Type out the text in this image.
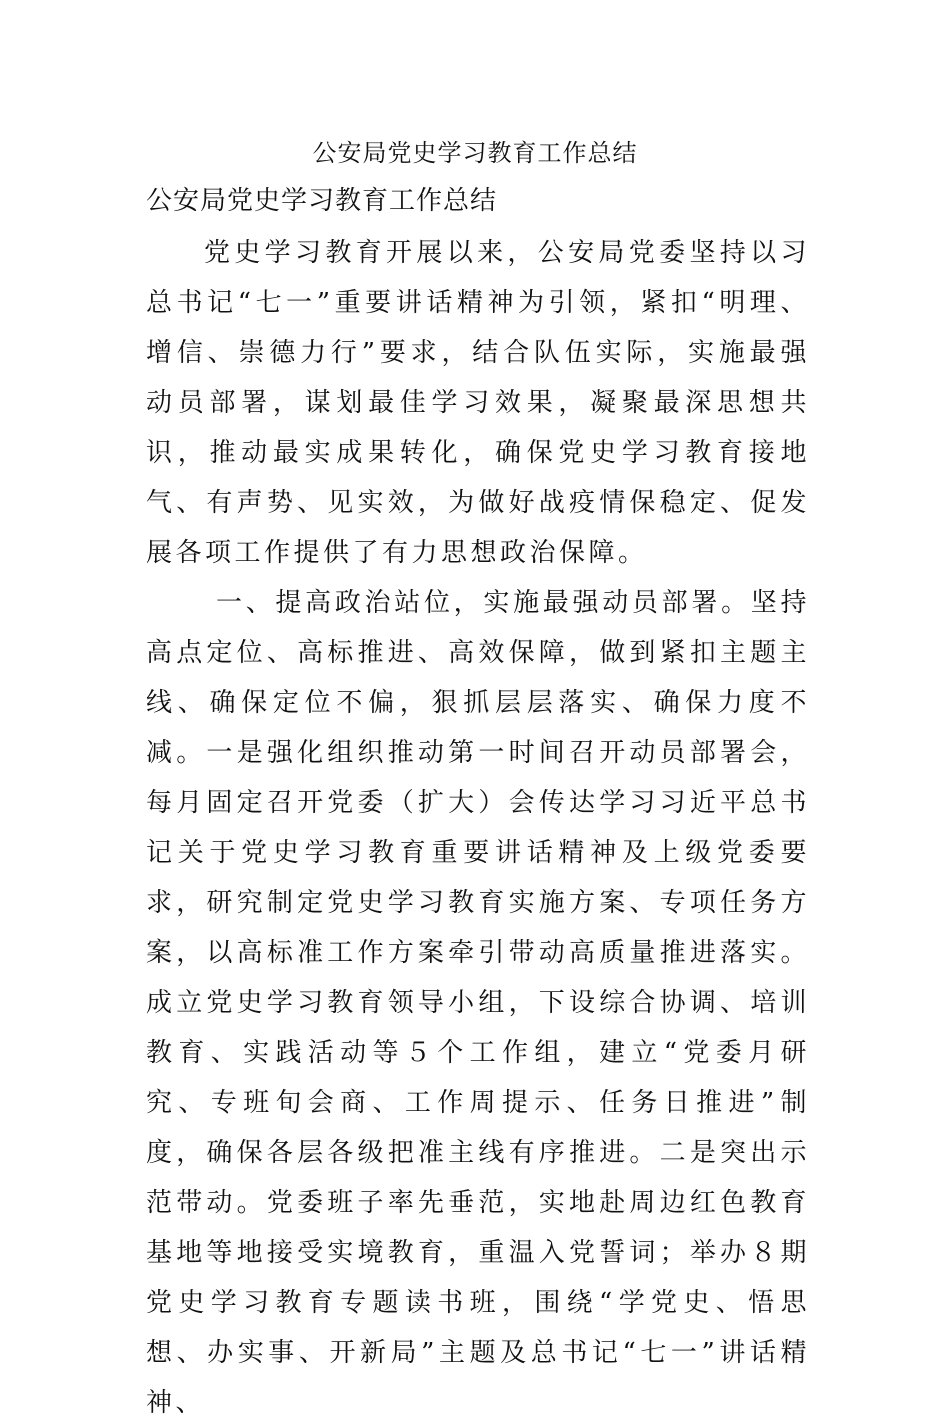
公安局党史学习教育工作总结
公安局党史学习教育工作总结

党史学习教育开展以来，公安局党委坚持以习总书记“七一”重要讲话精神为引领，紧扣“明理、增信、崇德力行”要求，结合队伍实际，实施最强动员部署，谋划最佳学习效果，凝聚最深思想共识，推动最实成果转化，确保党史学习教育接地气、有声势、见实效，为做好战疫情保稳定、促发展各项工作提供了有力思想政治保障。

一、提高政治站位，实施最强动员部署。坚持高点定位、高标推进、高效保障，做到紧扣主题主线、确保定位不偏，狠抓层层落实、确保力度不减。一是强化组织推动第一时间召开动员部署会，每月固定召开党委（扩大）会传达学习习近平总书记关于党史学习教育重要讲话精神及上级党委要求，研究制定党史学习教育实施方案、专项任务方案，以高标准工作方案牵引带动高质量推进落实。成立党史学习教育领导小组，下设综合协调、培训教育、实践活动等５个工作组，建立“党委月研究、专班旬会商、工作周提示、任务日推进”制度，确保各层各级把准主线有序推进。二是突出示范带动。党委班子率先垂范，实地赴周边红色教育基地等地接受实境教育，重温入党誓词；举办８期党史学习教育专题读书班，围绕“学党史、悟思想、办实事、开新局”主题及总书记“七一”讲话精神、
